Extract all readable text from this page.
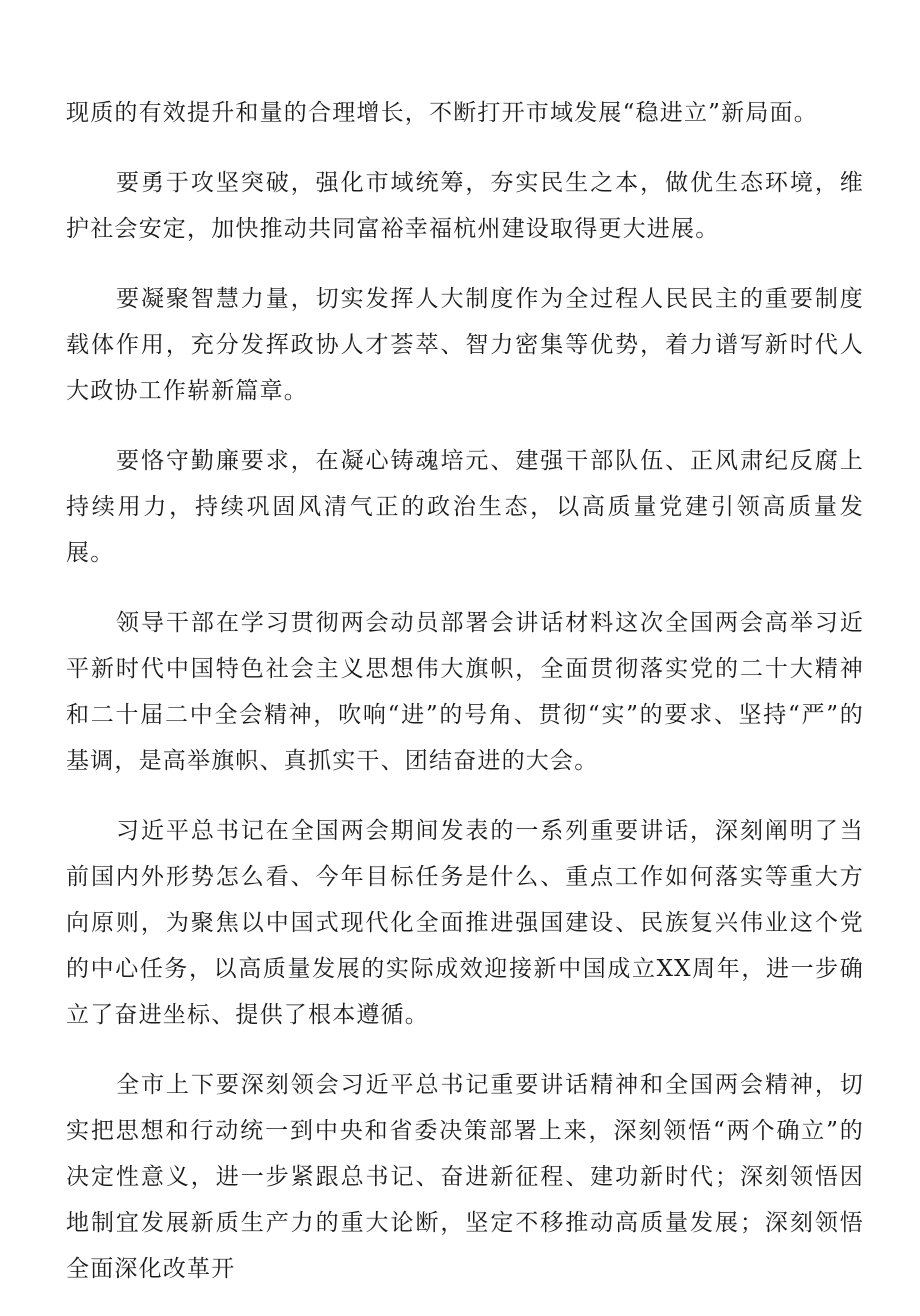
现质的有效提升和量的合理增长，不断打开市域发展“稳进立”新局面。

要勇于攻坚突破，强化市域统筹，夯实民生之本，做优生态环境，维护社会安定，加快推动共同富裕幸福杭州建设取得更大进展。

要凝聚智慧力量，切实发挥人大制度作为全过程人民民主的重要制度载体作用，充分发挥政协人才荟萃、智力密集等优势，着力谱写新时代人大政协工作崭新篇章。

要恪守勤廉要求，在凝心铸魂培元、建强干部队伍、正风肃纪反腐上持续用力，持续巩固风清气正的政治生态，以高质量党建引领高质量发展。

领导干部在学习贯彻两会动员部署会讲话材料这次全国两会高举习近平新时代中国特色社会主义思想伟大旗帜，全面贯彻落实党的二十大精神和二十届二中全会精神，吹响“进”的号角、贯彻“实”的要求、坚持“严”的基调，是高举旗帜、真抓实干、团结奋进的大会。

习近平总书记在全国两会期间发表的一系列重要讲话，深刻阐明了当前国内外形势怎么看、今年目标任务是什么、重点工作如何落实等重大方向原则，为聚焦以中国式现代化全面推进强国建设、民族复兴伟业这个党的中心任务，以高质量发展的实际成效迎接新中国成立XX周年，进一步确立了奋进坐标、提供了根本遵循。

全市上下要深刻领会习近平总书记重要讲话精神和全国两会精神，切实把思想和行动统一到中央和省委决策部署上来，深刻领悟“两个确立”的决定性意义，进一步紧跟总书记、奋进新征程、建功新时代；深刻领悟因地制宜发展新质生产力的重大论断，坚定不移推动高质量发展；深刻领悟全面深化改革开
